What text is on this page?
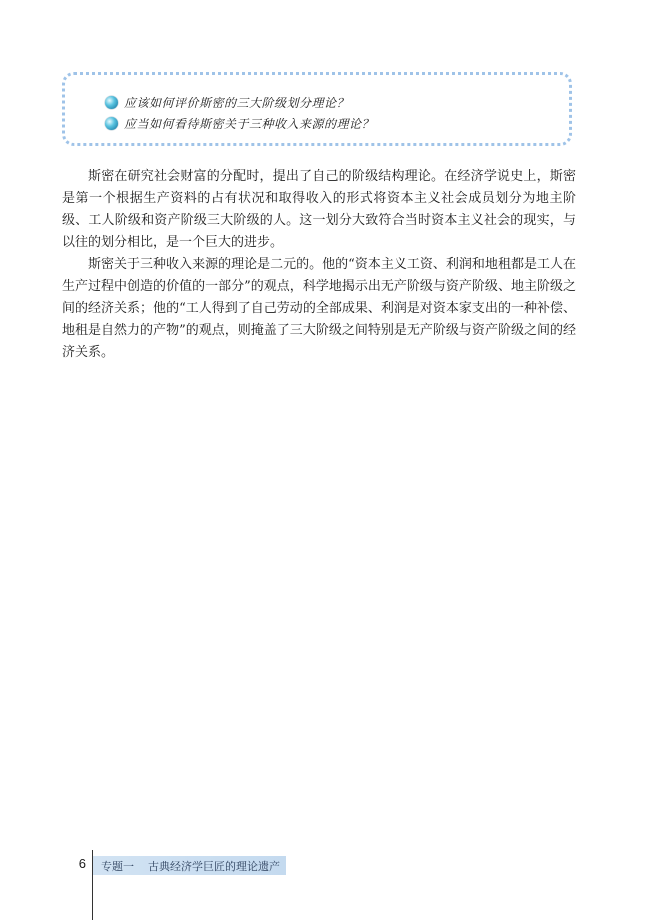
应该如何评价斯密的三大阶级划分理论？
应当如何看待斯密关于三种收入来源的理论？

斯密在研究社会财富的分配时，提出了自己的阶级结构理论。在经济学说史上，斯密是第一个根据生产资料的占有状况和取得收入的形式将资本主义社会成员划分为地主阶级、工人阶级和资产阶级三大阶级的人。这一划分大致符合当时资本主义社会的现实，与以往的划分相比，是一个巨大的进步。

斯密关于三种收入来源的理论是二元的。他的“资本主义工资、利润和地租都是工人在生产过程中创造的价值的一部分”的观点，科学地揭示出无产阶级与资产阶级、地主阶级之间的经济关系；他的“工人得到了自己劳动的全部成果、利润是对资本家支出的一种补偿、地租是自然力的产物”的观点，则掩盖了三大阶级之间特别是无产阶级与资产阶级之间的经济关系。

6 专题一 古典经济学巨匠的理论遗产
